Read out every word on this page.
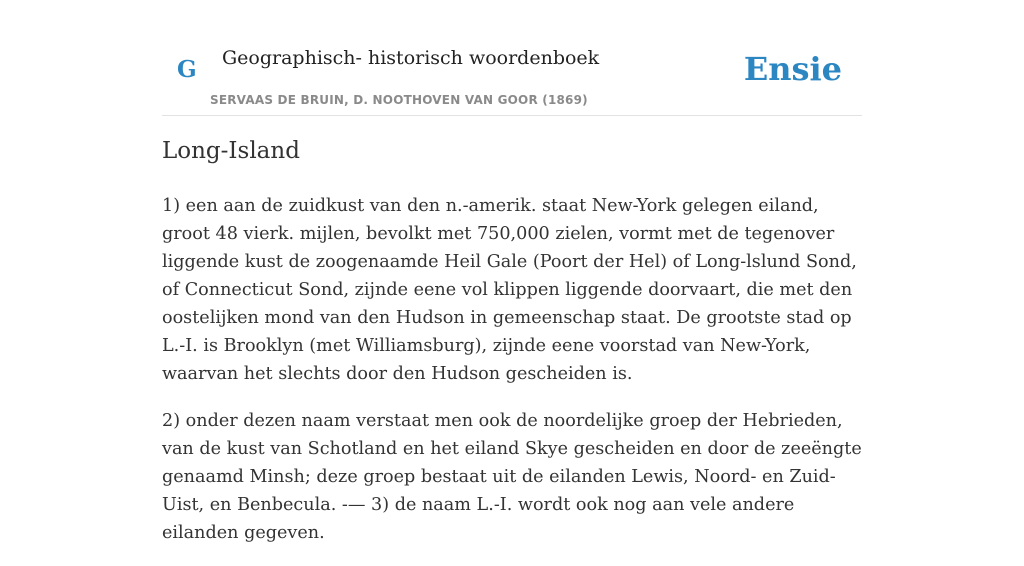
G Geographisch- historisch woordenboek
SERVAAS DE BRUIN, D. NOOTHOVEN VAN GOOR (1869)
Ensie
Long-Island

1) een aan de zuidkust van den n.-amerik. staat New-York gelegen eiland, groot 48 vierk. mijlen, bevolkt met 750,000 zielen, vormt met de tegenover liggende kust de zoogenaamde Heil Gale (Poort der Hel) of Long-lslund Sond, of Connecticut Sond, zijnde eene vol klippen liggende doorvaart, die met den oostelijken mond van den Hudson in gemeenschap staat. De grootste stad op L.-I. is Brooklyn (met Williamsburg), zijnde eene voorstad van New-York, waarvan het slechts door den Hudson gescheiden is.

2) onder dezen naam verstaat men ook de noordelijke groep der Hebrieden, van de kust van Schotland en het eiland Skye gescheiden en door de zeeëngte genaamd Minsh; deze groep bestaat uit de eilanden Lewis, Noord- en Zuid-Uist, en Benbecula. -— 3) de naam L.-I. wordt ook nog aan vele andere eilanden gegeven.
